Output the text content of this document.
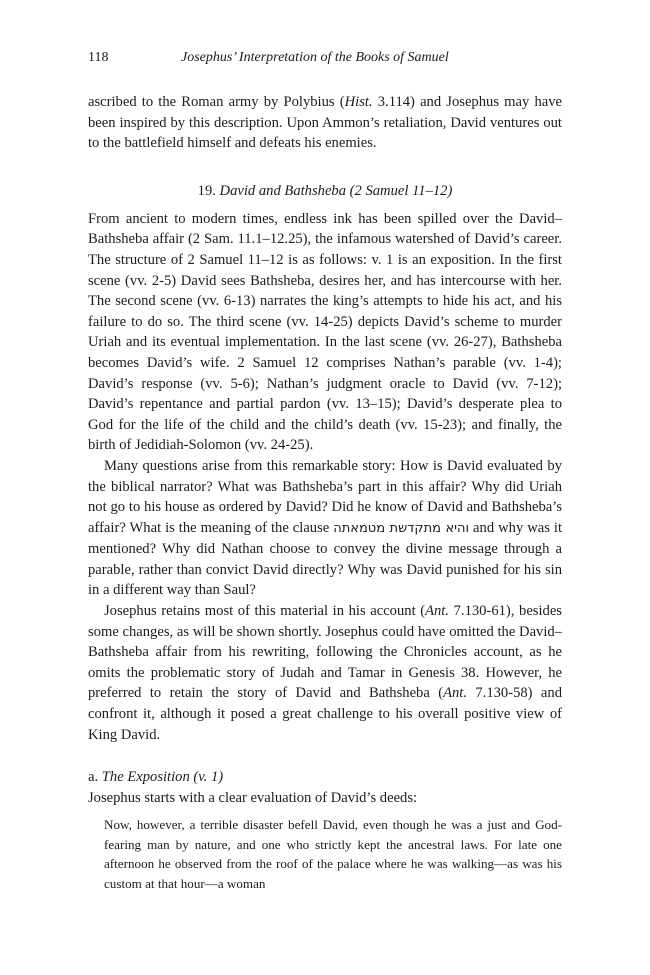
118	Josephus’ Interpretation of the Books of Samuel

ascribed to the Roman army by Polybius (Hist. 3.114) and Josephus may have been inspired by this description. Upon Ammon’s retaliation, David ventures out to the battlefield himself and defeats his enemies.

19. David and Bathsheba (2 Samuel 11–12)

From ancient to modern times, endless ink has been spilled over the David–Bathsheba affair (2 Sam. 11.1–12.25), the infamous watershed of David’s career. The structure of 2 Samuel 11–12 is as follows: v. 1 is an exposition. In the first scene (vv. 2-5) David sees Bathsheba, desires her, and has intercourse with her. The second scene (vv. 6-13) narrates the king’s attempts to hide his act, and his failure to do so. The third scene (vv. 14-25) depicts David’s scheme to murder Uriah and its eventual implementation. In the last scene (vv. 26-27), Bathsheba becomes David’s wife. 2 Samuel 12 comprises Nathan’s parable (vv. 1-4); David’s response (vv. 5-6); Nathan’s judgment oracle to David (vv. 7-12); David’s repentance and partial pardon (vv. 13–15); David’s desperate plea to God for the life of the child and the child’s death (vv. 15-23); and finally, the birth of Jedidiah-Solomon (vv. 24-25).

Many questions arise from this remarkable story: How is David evaluated by the biblical narrator? What was Bathsheba’s part in this affair? Why did Uriah not go to his house as ordered by David? Did he know of David and Bathsheba’s affair? What is the meaning of the clause והיא מתקדשת מטמאתה and why was it mentioned? Why did Nathan choose to convey the divine message through a parable, rather than convict David directly? Why was David punished for his sin in a different way than Saul?

Josephus retains most of this material in his account (Ant. 7.130-61), besides some changes, as will be shown shortly. Josephus could have omitted the David–Bathsheba affair from his rewriting, following the Chronicles account, as he omits the problematic story of Judah and Tamar in Genesis 38. However, he preferred to retain the story of David and Bathsheba (Ant. 7.130-58) and confront it, although it posed a great challenge to his overall positive view of King David.

a. The Exposition (v. 1)

Josephus starts with a clear evaluation of David’s deeds:

Now, however, a terrible disaster befell David, even though he was a just and God-fearing man by nature, and one who strictly kept the ancestral laws. For late one afternoon he observed from the roof of the palace where he was walking—as was his custom at that hour—a woman
